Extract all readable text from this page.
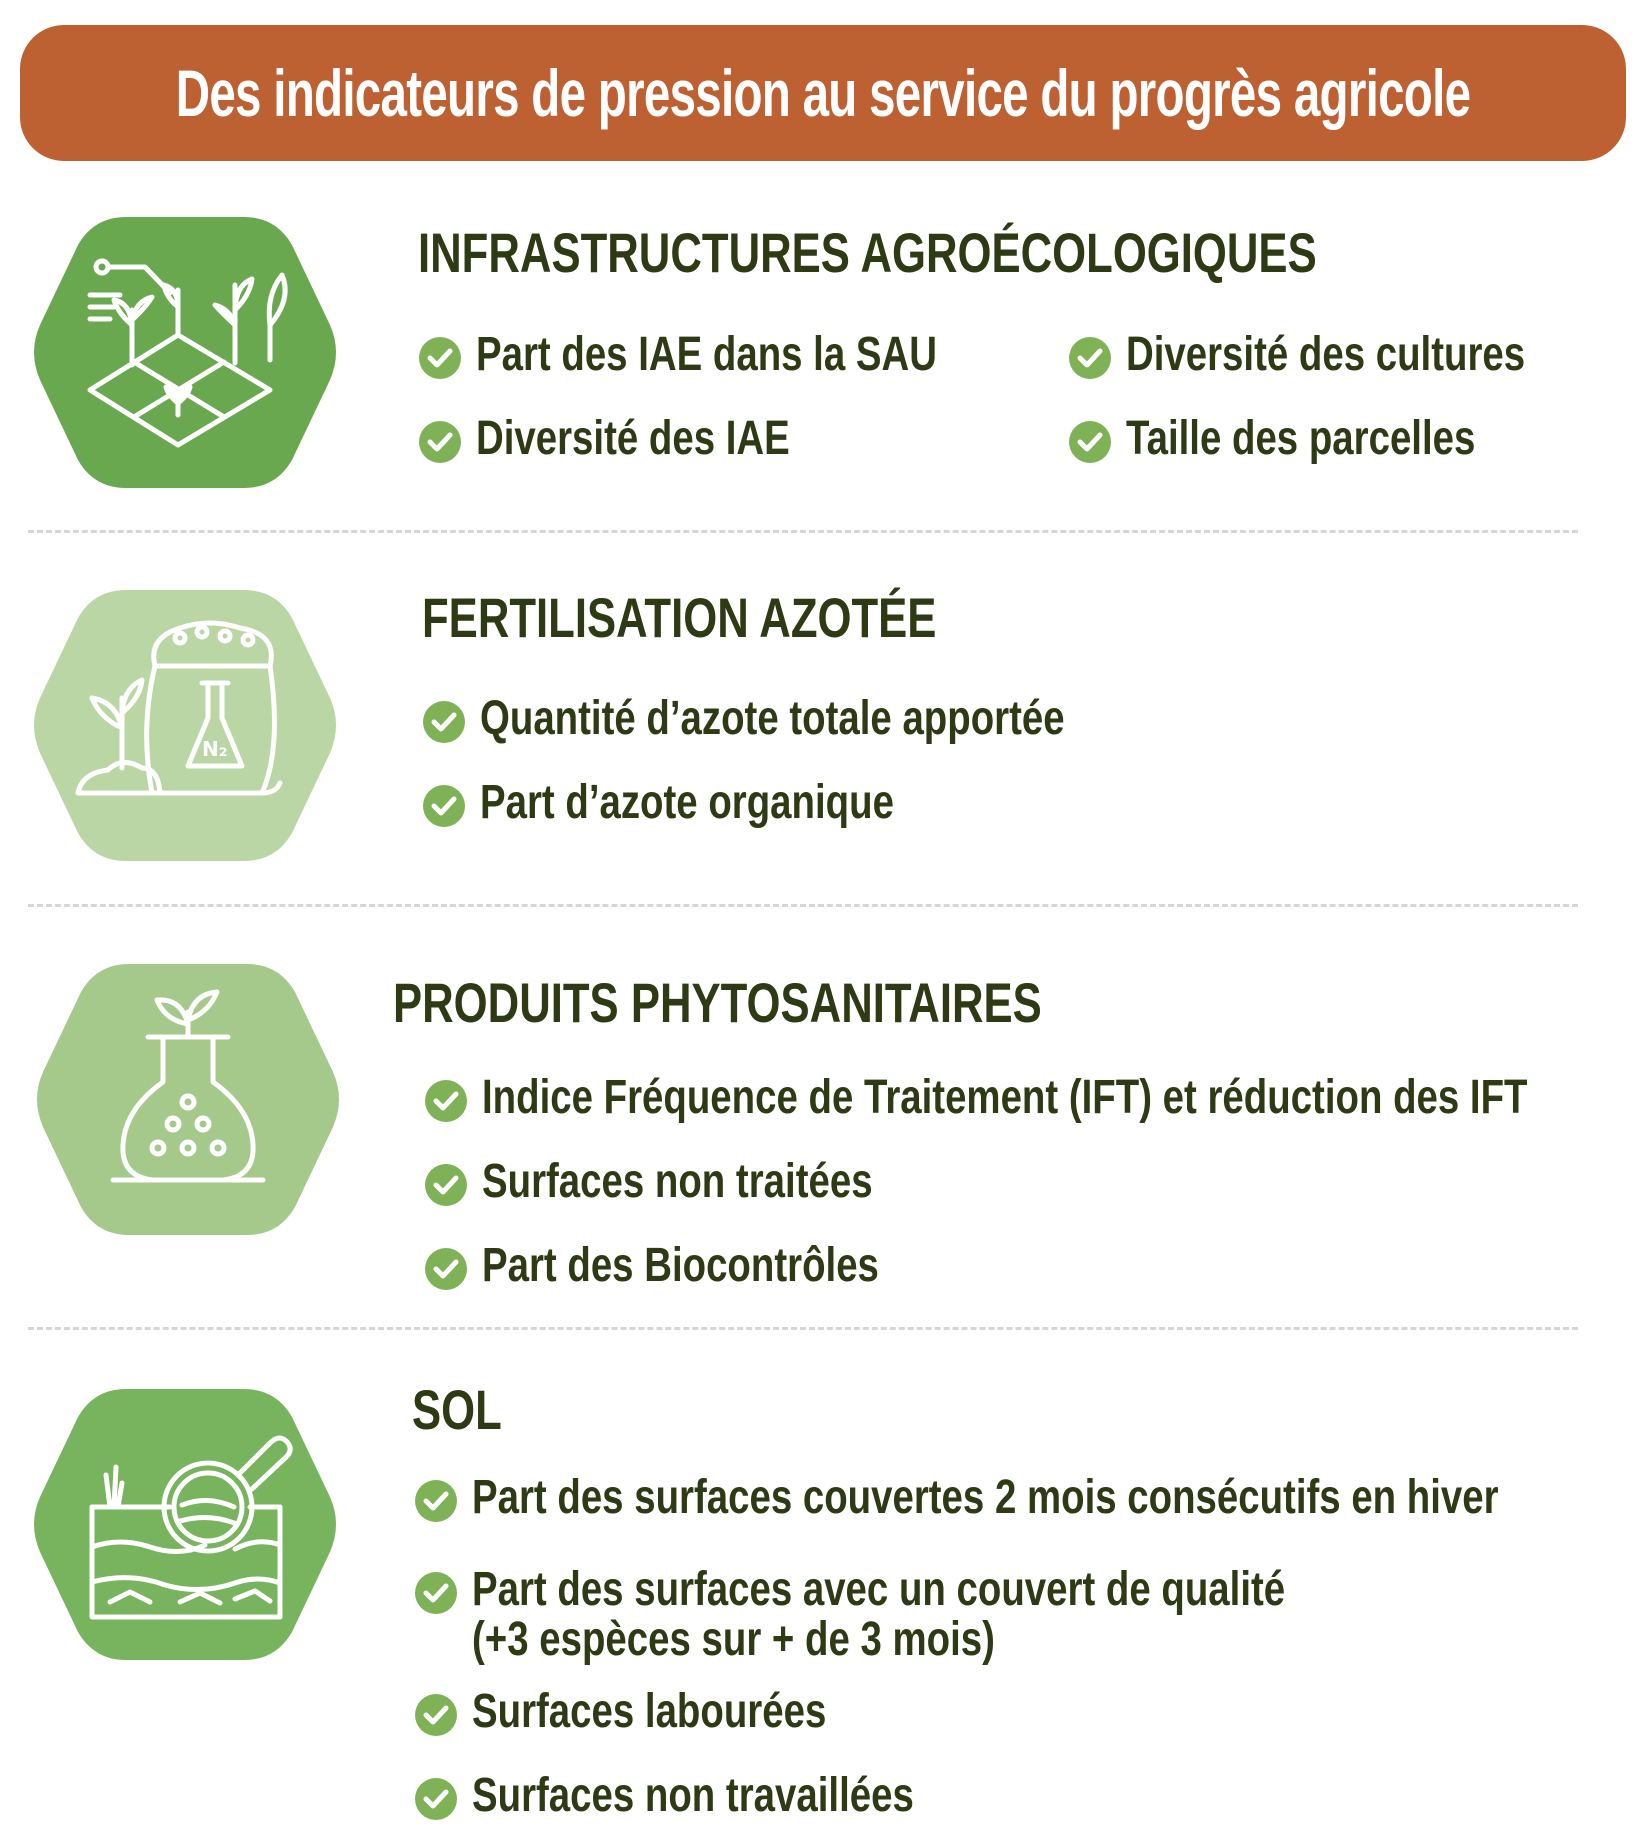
Des indicateurs de pression au service du progrès agricole
INFRASTRUCTURES AGROÉCOLOGIQUES
Part des IAE dans la SAU	Diversité des cultures
Diversité des IAE	Taille des parcelles
N₂
FERTILISATION AZOTÉE
Quantité d’azote totale apportée
Part d’azote organique
PRODUITS PHYTOSANITAIRES
Indice Fréquence de Traitement (IFT) et réduction des IFT
Surfaces non traitées
Part des Biocontrôles
SOL
Part des surfaces couvertes 2 mois consécutifs en hiver
Part des surfaces avec un couvert de qualité
(+3 espèces sur + de 3 mois)
Surfaces labourées
Surfaces non travaillées
